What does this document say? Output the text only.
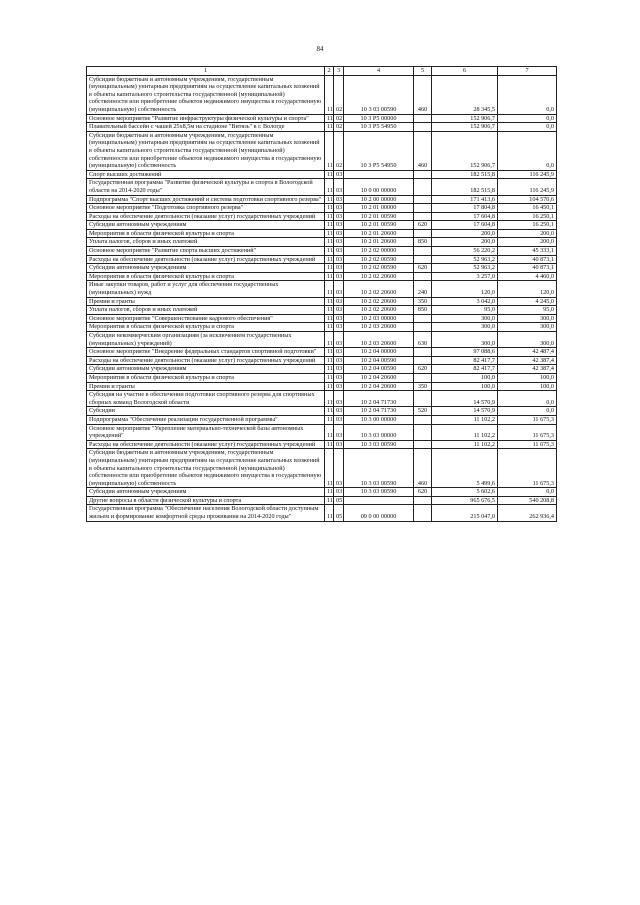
84
1	2	3	4	5	6	7
Субсидии бюджетным и автономным учреждениям, государственным (муниципальным) унитарным предприятиям на осуществление капитальных вложений в объекты капитального строительства государственной (муниципальной) собственности или приобретение объектов недвижимого имущества в государственную (муниципальную) собственность	11	02	10 3 03 00590	460	28 345,5	0,0
Основное мероприятие "Развитие инфраструктуры физической культуры и спорта"	11	02	10 3 P5 00000		152 906,7	0,0
Плавательный бассейн с чашей 25х8,5м на стадионе "Витязь" в г. Вологде	11	02	10 3 P5 54950		152 906,7	0,0
Субсидии бюджетным и автономным учреждениям, государственным (муниципальным) унитарным предприятиям на осуществление капитальных вложений в объекты капитального строительства государственной (муниципальной) собственности или приобретение объектов недвижимого имущества в государственную (муниципальную) собственность	11	02	10 3 P5 54950	460	152 906,7	0,0
Спорт высших достижений	11	03			182 515,8	116 245,9
Государственная программа "Развитие физической культуры и спорта в Вологодской области на 2014-2020 годы"	11	03	10 0 00 00000		182 515,8	116 245,9
Подпрограмма "Спорт высших достижений и система подготовки спортивного резерва"	11	03	10 2 00 00000		171 413,6	104 570,6
Основное мероприятие "Подготовка спортивного резерва"	11	03	10 2 01 00000		17 804,8	16 450,1
Расходы на обеспечение деятельности (оказание услуг) государственных учреждений	11	03	10 2 01 00590		17 604,8	16 250,1
Субсидии автономным учреждениям	11	03	10 2 01 00590	620	17 604,8	16 250,1
Мероприятия в области физической культуры и спорта	11	03	10 2 01 20600		200,0	200,0
Уплата налогов, сборов и иных платежей	11	03	10 2 01 20600	850	200,0	200,0
Основное мероприятие "Развитие спорта высших достижений"	11	03	10 2 02 00000		56 220,2	45 333,1
Расходы на обеспечение деятельности (оказание услуг) государственных учреждений	11	03	10 2 02 00590		52 963,2	40 873,1
Субсидии автономным учреждениям	11	03	10 2 02 00590	620	52 963,2	40 873,1
Мероприятия в области физической культуры и спорта	11	03	10 2 02 20600		3 257,0	4 460,0
Иные закупки товаров, работ и услуг для обеспечения государственных (муниципальных) нужд	11	03	10 2 02 20600	240	120,0	120,0
Премии и гранты	11	03	10 2 02 20600	350	3 042,0	4 245,0
Уплата налогов, сборов и иных платежей	11	03	10 2 02 20600	850	95,0	95,0
Основное мероприятие "Совершенствование кадрового обеспечения"	11	03	10 2 03 00000		300,0	300,0
Мероприятия в области физической культуры и спорта	11	03	10 2 03 20600		300,0	300,0
Субсидии некоммерческим организациям (за исключением государственных (муниципальных) учреждений)	11	03	10 2 03 20600	630	300,0	300,0
Основное мероприятие "Внедрение федеральных стандартов спортивной подготовки"	11	03	10 2 04 00000		97 088,6	42 487,4
Расходы на обеспечение деятельности (оказание услуг) государственных учреждений	11	03	10 2 04 00590		82 417,7	42 387,4
Субсидии автономным учреждениям	11	03	10 2 04 00590	620	82 417,7	42 387,4
Мероприятия в области физической культуры и спорта	11	03	10 2 04 20600		100,0	100,0
Премии и гранты	11	03	10 2 04 20600	350	100,0	100,0
Субсидия на участие в обеспечении подготовки спортивного резерва для спортивных сборных команд Вологодской области	11	03	10 2 04 71730		14 570,9	0,0
Субсидии	11	03	10 2 04 71730	520	14 570,9	0,0
Подпрограмма "Обеспечение реализации государственной программы"	11	03	10 3 00 00000		11 102,2	11 675,3
Основное мероприятие "Укрепление материально-технической базы автономных учреждений"	11	03	10 3 03 00000		11 102,2	11 675,3
Расходы на обеспечение деятельности (оказание услуг) государственных учреждений	11	03	10 3 03 00590		11 102,2	11 675,3
Субсидии бюджетным и автономным учреждениям, государственным (муниципальным) унитарным предприятиям на осуществление капитальных вложений в объекты капитального строительства государственной (муниципальной) собственности или приобретение объектов недвижимого имущества в государственную (муниципальную) собственность	11	03	10 3 03 00590	460	5 499,6	11 675,3
Субсидии автономным учреждениям	11	03	10 3 03 00590	620	5 602,6	0,0
Другие вопросы в области физической культуры и спорта	11	05			965 676,5	540 208,8
Государственная программа "Обеспечение населения Вологодской области доступным жильем и формирование комфортной среды проживания на 2014-2020 годы"	11	05	09 0 00 00000		215 047,0	262 936,4
